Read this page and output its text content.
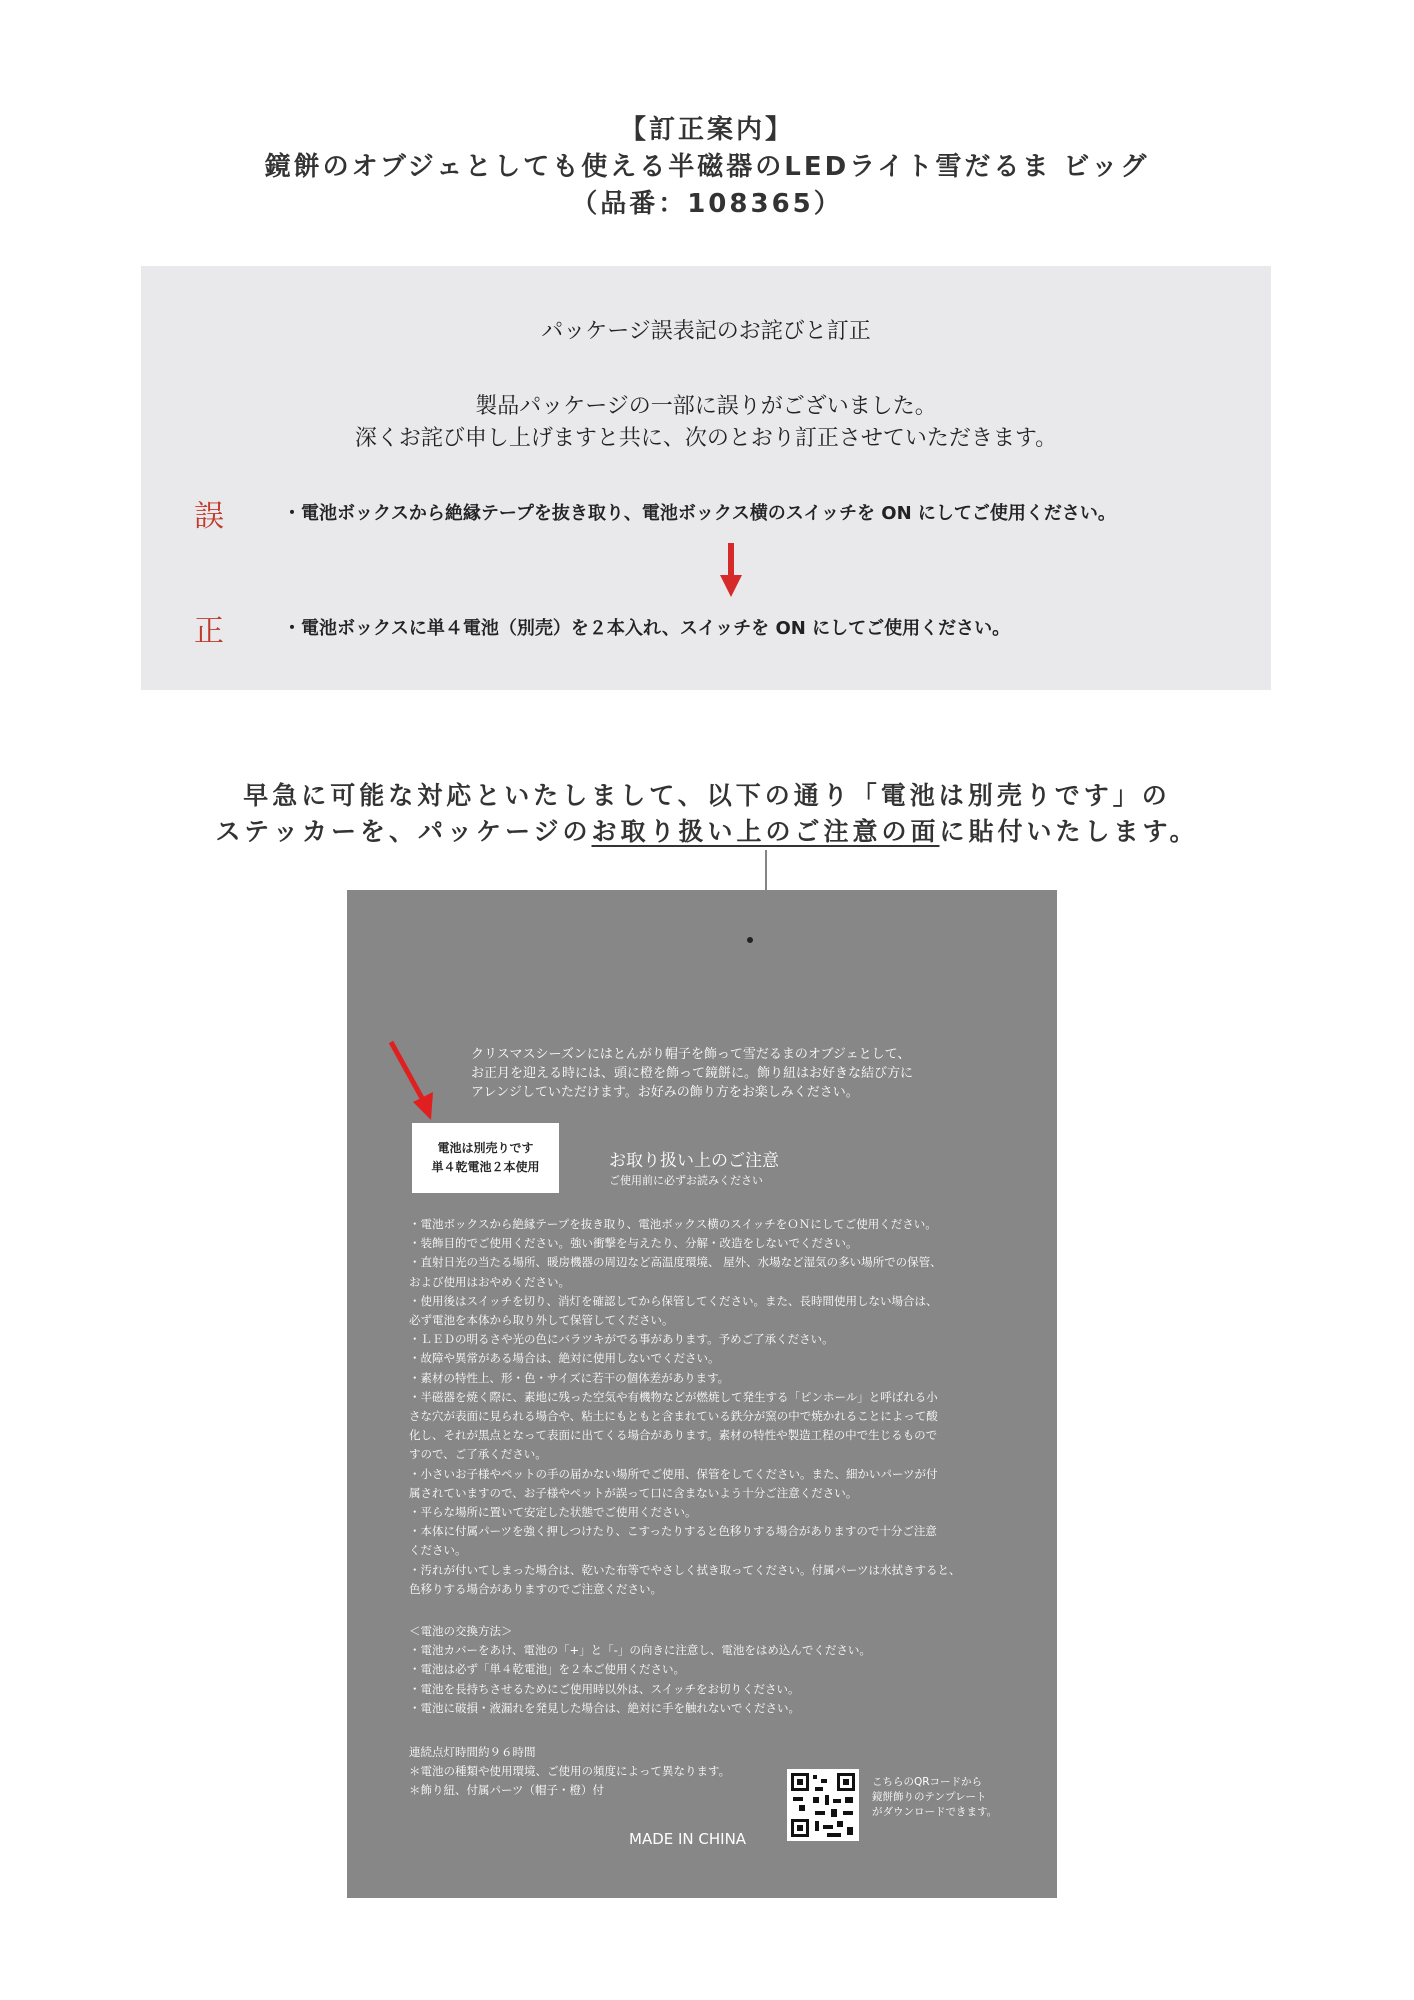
【訂正案内】
鏡餅のオブジェとしても使える半磁器のLEDライト雪だるま ビッグ
（品番：108365）
パッケージ誤表記のお詫びと訂正
製品パッケージの一部に誤りがございました。
深くお詫び申し上げますと共に、次のとおり訂正させていただきます。
誤	・電池ボックスから絶縁テープを抜き取り、電池ボックス横のスイッチを ON にしてご使用ください。
正	・電池ボックスに単４電池（別売）を２本入れ、スイッチを ON にしてご使用ください。
早急に可能な対応といたしまして、以下の通り「電池は別売りです」の
ステッカーを、パッケージのお取り扱い上のご注意の面に貼付いたします。
クリスマスシーズンにはとんがり帽子を飾って雪だるまのオブジェとして、
お正月を迎える時には、頭に橙を飾って鏡餅に。飾り紐はお好きな結び方に
アレンジしていただけます。お好みの飾り方をお楽しみください。
電池は別売りです
単４乾電池２本使用	お取り扱い上のご注意
ご使用前に必ずお読みください
・電池ボックスから絶縁テープを抜き取り、電池ボックス横のスイッチをＯＮにしてご使用ください。
・装飾目的でご使用ください。強い衝撃を与えたり、分解・改造をしないでください。
・直射日光の当たる場所、暖房機器の周辺など高温度環境、 屋外、水場など湿気の多い場所での保管、
および使用はおやめください。
・使用後はスイッチを切り、消灯を確認してから保管してください。また、長時間使用しない場合は、
必ず電池を本体から取り外して保管してください。
・ＬＥＤの明るさや光の色にバラツキがでる事があります。予めご了承ください。
・故障や異常がある場合は、絶対に使用しないでください。
・素材の特性上、形・色・サイズに若干の個体差があります。
・半磁器を焼く際に、素地に残った空気や有機物などが燃焼して発生する「ピンホール」と呼ばれる小
さな穴が表面に見られる場合や、粘土にもともと含まれている鉄分が窯の中で焼かれることによって酸
化し、それが黒点となって表面に出てくる場合があります。素材の特性や製造工程の中で生じるもので
すので、ご了承ください。
・小さいお子様やペットの手の届かない場所でご使用、保管をしてください。また、細かいパーツが付
属されていますので、お子様やペットが誤って口に含まないよう十分ご注意ください。
・平らな場所に置いて安定した状態でご使用ください。
・本体に付属パーツを強く押しつけたり、こすったりすると色移りする場合がありますので十分ご注意
ください。
・汚れが付いてしまった場合は、乾いた布等でやさしく拭き取ってください。付属パーツは水拭きすると、
色移りする場合がありますのでご注意ください。
＜電池の交換方法＞
・電池カバーをあけ、電池の「+」と「-」の向きに注意し、電池をはめ込んでください。
・電池は必ず「単４乾電池」を２本ご使用ください。
・電池を長持ちさせるためにご使用時以外は、スイッチをお切りください。
・電池に破損・液漏れを発見した場合は、絶対に手を触れないでください。
連続点灯時間約９６時間
＊電池の種類や使用環境、ご使用の頻度によって異なります。
＊飾り紐、付属パーツ（帽子・橙）付
MADE IN CHINA
こちらのQRコードから
鏡餅飾りのテンプレート
がダウンロードできます。
